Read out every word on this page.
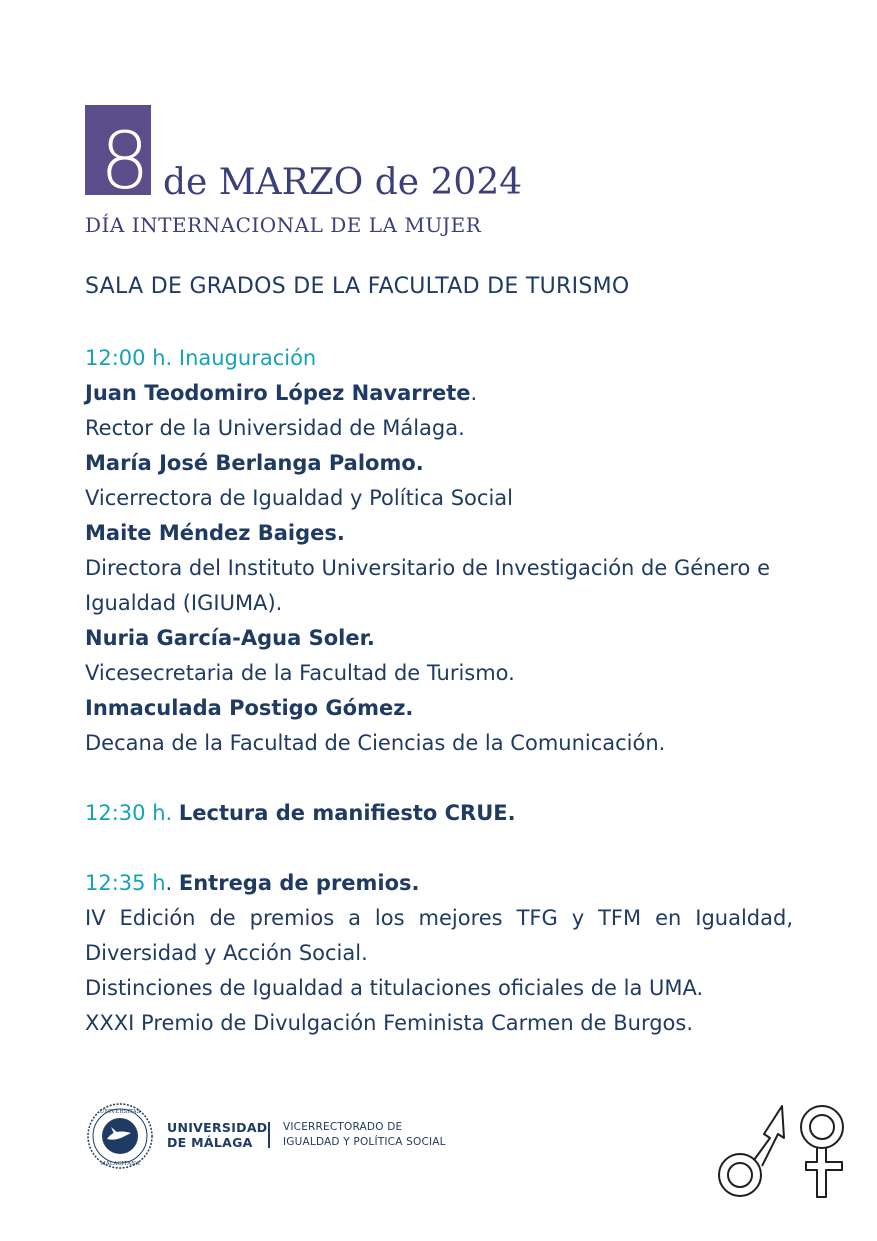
8 de MARZO de 2024
DÍA INTERNACIONAL DE LA MUJER
SALA DE GRADOS DE LA FACULTAD DE TURISMO
12:00 h. Inauguración
Juan Teodomiro López Navarrete.
Rector de la Universidad de Málaga.
María José Berlanga Palomo.
Vicerrectora de Igualdad y Política Social
Maite Méndez Baiges.
Directora del Instituto Universitario de Investigación de Género e
Igualdad (IGIUMA).
Nuria García-Agua Soler.
Vicesecretaria de la Facultad de Turismo.
Inmaculada Postigo Gómez.
Decana de la Facultad de Ciencias de la Comunicación.
12:30 h. Lectura de manifiesto CRUE.
12:35 h. Entrega de premios.
IV Edición de premios a los mejores TFG y TFM en Igualdad,
Diversidad y Acción Social.
Distinciones de Igualdad a titulaciones oficiales de la UMA.
XXXI Premio de Divulgación Feminista Carmen de Burgos.
UNIVERSITAS
MALACITANA
UNIVERSIDAD
DE MÁLAGA
VICERRECTORADO DE
IGUALDAD Y POLÍTICA SOCIAL
